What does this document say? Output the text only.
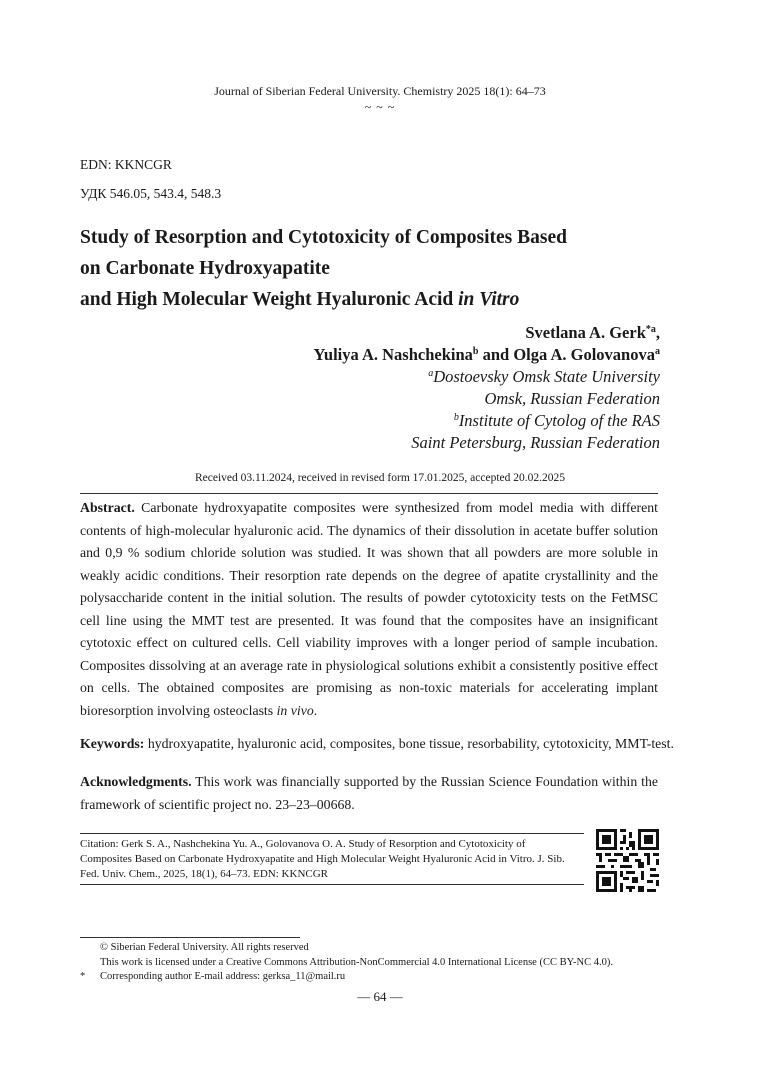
Journal of Siberian Federal University. Chemistry 2025 18(1): 64–73
~ ~ ~
EDN: KKNCGR
УДК 546.05, 543.4, 548.3
Study of Resorption and Cytotoxicity of Composites Based
on Carbonate Hydroxyapatite
and High Molecular Weight Hyaluronic Acid in Vitro
Svetlana A. Gerk$^{*a}$,
Yuliya A. Nashchekina$^b$ and Olga A. Golovanova$^a$
$^a$Dostoevsky Omsk State University
Omsk, Russian Federation
$^b$Institute of Cytolog of the RAS
Saint Petersburg, Russian Federation
Received 03.11.2024, received in revised form 17.01.2025, accepted 20.02.2025
Abstract. Carbonate hydroxyapatite composites were synthesized from model media with different contents of high-molecular hyaluronic acid. The dynamics of their dissolution in acetate buffer solution and 0,9 % sodium chloride solution was studied. It was shown that all powders are more soluble in weakly acidic conditions. Their resorption rate depends on the degree of apatite crystallinity and the polysaccharide content in the initial solution. The results of powder cytotoxicity tests on the FetMSC cell line using the MMT test are presented. It was found that the composites have an insignificant cytotoxic effect on cultured cells. Cell viability improves with a longer period of sample incubation. Composites dissolving at an average rate in physiological solutions exhibit a consistently positive effect on cells. The obtained composites are promising as non-toxic materials for accelerating implant bioresorption involving osteoclasts in vivo.
Keywords: hydroxyapatite, hyaluronic acid, composites, bone tissue, resorbability, cytotoxicity, MMT-test.
Acknowledgments. This work was financially supported by the Russian Science Foundation within the framework of scientific project no. 23–23–00668.
Citation: Gerk S. A., Nashchekina Yu. A., Golovanova O. A. Study of Resorption and Cytotoxicity of Composites Based on Carbonate Hydroxyapatite and High Molecular Weight Hyaluronic Acid in Vitro. J. Sib. Fed. Univ. Chem., 2025, 18(1), 64–73. EDN: KKNCGR
© Siberian Federal University. All rights reserved
This work is licensed under a Creative Commons Attribution-NonCommercial 4.0 International License (CC BY-NC 4.0).
* Corresponding author E-mail address: gerksa_11@mail.ru
— 64 —
